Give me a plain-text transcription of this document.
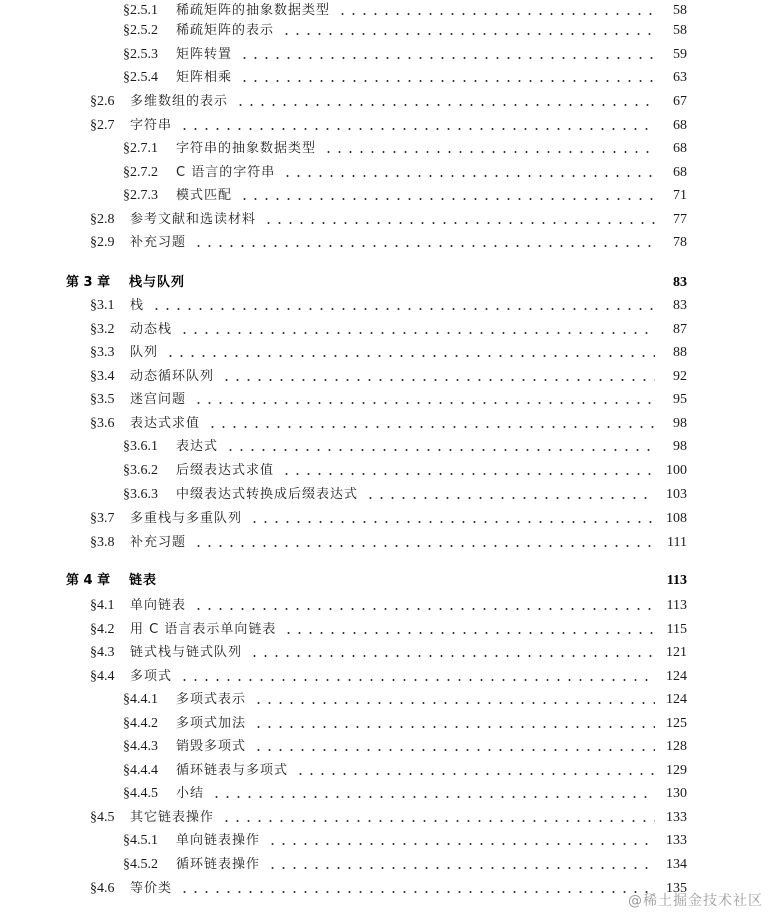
§2.5.1 稀疏矩阵的抽象数据类型	58
§2.5.2 稀疏矩阵的表示	58
§2.5.3 矩阵转置	59
§2.5.4 矩阵相乘	63
§2.6 多维数组的表示	67
§2.7 字符串	68
§2.7.1 字符串的抽象数据类型	68
§2.7.2 C 语言的字符串	68
§2.7.3 模式匹配	71
§2.8 参考文献和选读材料	77
§2.9 补充习题	78
第 3 章 栈与队列	83
§3.1 栈	83
§3.2 动态栈	87
§3.3 队列	88
§3.4 动态循环队列	92
§3.5 迷宫问题	95
§3.6 表达式求值	98
§3.6.1 表达式	98
§3.6.2 后缀表达式求值	100
§3.6.3 中缀表达式转换成后缀表达式	103
§3.7 多重栈与多重队列	108
§3.8 补充习题	111
第 4 章 链表	113
§4.1 单向链表	113
§4.2 用 C 语言表示单向链表	115
§4.3 链式栈与链式队列	121
§4.4 多项式	124
§4.4.1 多项式表示	124
§4.4.2 多项式加法	125
§4.4.3 销毁多项式	128
§4.4.4 循环链表与多项式	129
§4.4.5 小结	130
§4.5 其它链表操作	133
§4.5.1 单向链表操作	133
§4.5.2 循环链表操作	134
§4.6 等价类	135
@稀土掘金技术社区
